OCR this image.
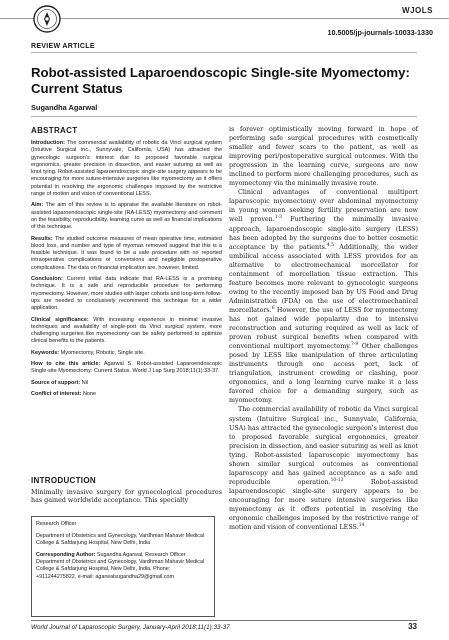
WJOLS
10.5005/jp-journals-10033-1330
REVIEW ARTICLE
Robot-assisted Laparoendoscopic Single-site Myomectomy: Current Status
Sugandha Agarwal
ABSTRACT

Introduction: The commercial availability of robotic da Vinci surgical system (Intuitive Surgical inc., Sunnyvale, California, USA) has attracted the gynecologic surgeon's interest due to proposed favorable surgical ergonomics, greater precision in dissection, and easier suturing as well as knot tying. Robot-assisted laparoendoscopic single-site surgery appears to be encouraging for more suture-intensive surgeries like myomectomy as it offers potential in resolving the ergonomic challenges imposed by the restrictive range of motion and vision of conventional LESS.

Aim: The aim of this review is to appraise the available literature on robot-assisted laparoendoscopic single-site (RA-LESS) myomectomy and comment on the feasibility, reproducibility, learning curve as well as financial implications of this technique.

Results: The studied outcome measures of mean operative time, estimated blood loss, and number and type of myomas removed suggest that this is a feasible technique. It was found to be a safe procedure with no reported intraoperative complications or conversions and negligible postoperative complications. The data on financial implication are, however, limited.

Conclusion: Current initial data indicate that RA-LESS is a promising technique. It is a safe and reproducible procedure for performing myomectomy. However, more studies with larger cohorts and long-term follow-ups are needed to conclusively recommend this technique for a wider application.

Clinical significance: With increasing experience in minimal invasive techniques and availability of single-port da Vinci surgical system, more challenging surgeries like myomectomy can be safely performed to optimize clinical benefits to the patients.

Keywords: Myomectomy, Robotic, Single site.

How to cite this article: Agarwal S. Robot-assisted Laparoendoscopic Single-site Myomectomy: Current Status. World J Lap Surg 2018;11(1):33-37.

Source of support: Nil

Conflict of interest: None

INTRODUCTION
Minimally invasive surgery for gynecological procedures has gained worldwide acceptance. This specialty

Research Officer

Department of Obstetrics and Gynecology, Vardhman Mahavir Medical College & Safdarjung Hospital, New Delhi, India

Corresponding Author: Sugandha Agarwal, Research Officer Department of Obstetrics and Gynecology, Vardhman Mahavir Medical College & Safdarjung Hospital, New Delhi, India, Phone: +911244275822, e-mail: agarwalsugandha29@gmail.com

is forever optimistically moving forward in hope of performing safe surgical procedures with cosmetically smaller and fewer scars to the patient, as well as improving peri/postoperative surgical outcomes. With the progression in the learning curve, surgeons are now inclined to perform more challenging procedures, such as myomectomy via the minimally invasive route.

Clinical advantages of conventional multiport laparoscopic myomectomy over abdominal myomectomy in young women seeking fertility preservation are now well proven.$^{1-3}$ Furthering the minimally invasive approach, laparoendoscopic single-site surgery (LESS) has been adopted by the surgeons due to better cosmetic acceptance by the patients.$^{4,5}$ Additionally, the wider umbilical access associated with LESS provides for an alternative to electromechanical morcellator for containment of morcellation tissue extraction. This feature becomes more relevant to gynecologic surgeons owing to the recently imposed ban by US Food and Drug Administration (FDA) on the use of electromechanical morcellators.$^6$ However, the use of LESS for myomectomy has not gained wide popularity due to intensive reconstruction and suturing required as well as lack of proven robust surgical benefits when compared with conventional multiport myomectomy.$^{7-9}$ Other challenges posed by LESS like manipulation of three articulating instruments through one access port, lack of triangulation, instrument crowding or clashing, poor ergonomics, and a long learning curve make it a less favored choice for a demanding surgery, such as myomectomy.

The commercial availability of robotic da Vinci surgical system (Intuitive Surgical inc., Sunnyvale, California, USA) has attracted the gynecologic surgeon's interest due to proposed favorable surgical ergonomics, greater precision in dissection, and easier suturing as well as knot tying. Robot-assisted laparoscopic myomectomy has shown similar surgical outcomes as conventional laparoscopy and has gained acceptance as a safe and reproducible operation.$^{10-13}$ Robot-assisted laparoendoscopic single-site surgery appears to be encouraging for more suture intensive surgeries like myomectomy as it offers potential in resolving the ergonomic challenges imposed by the restrictive range of motion and vision of conventional LESS.$^{14}$

World Journal of Laparoscopic Surgery, January-April 2018;11(1):33-37	33
